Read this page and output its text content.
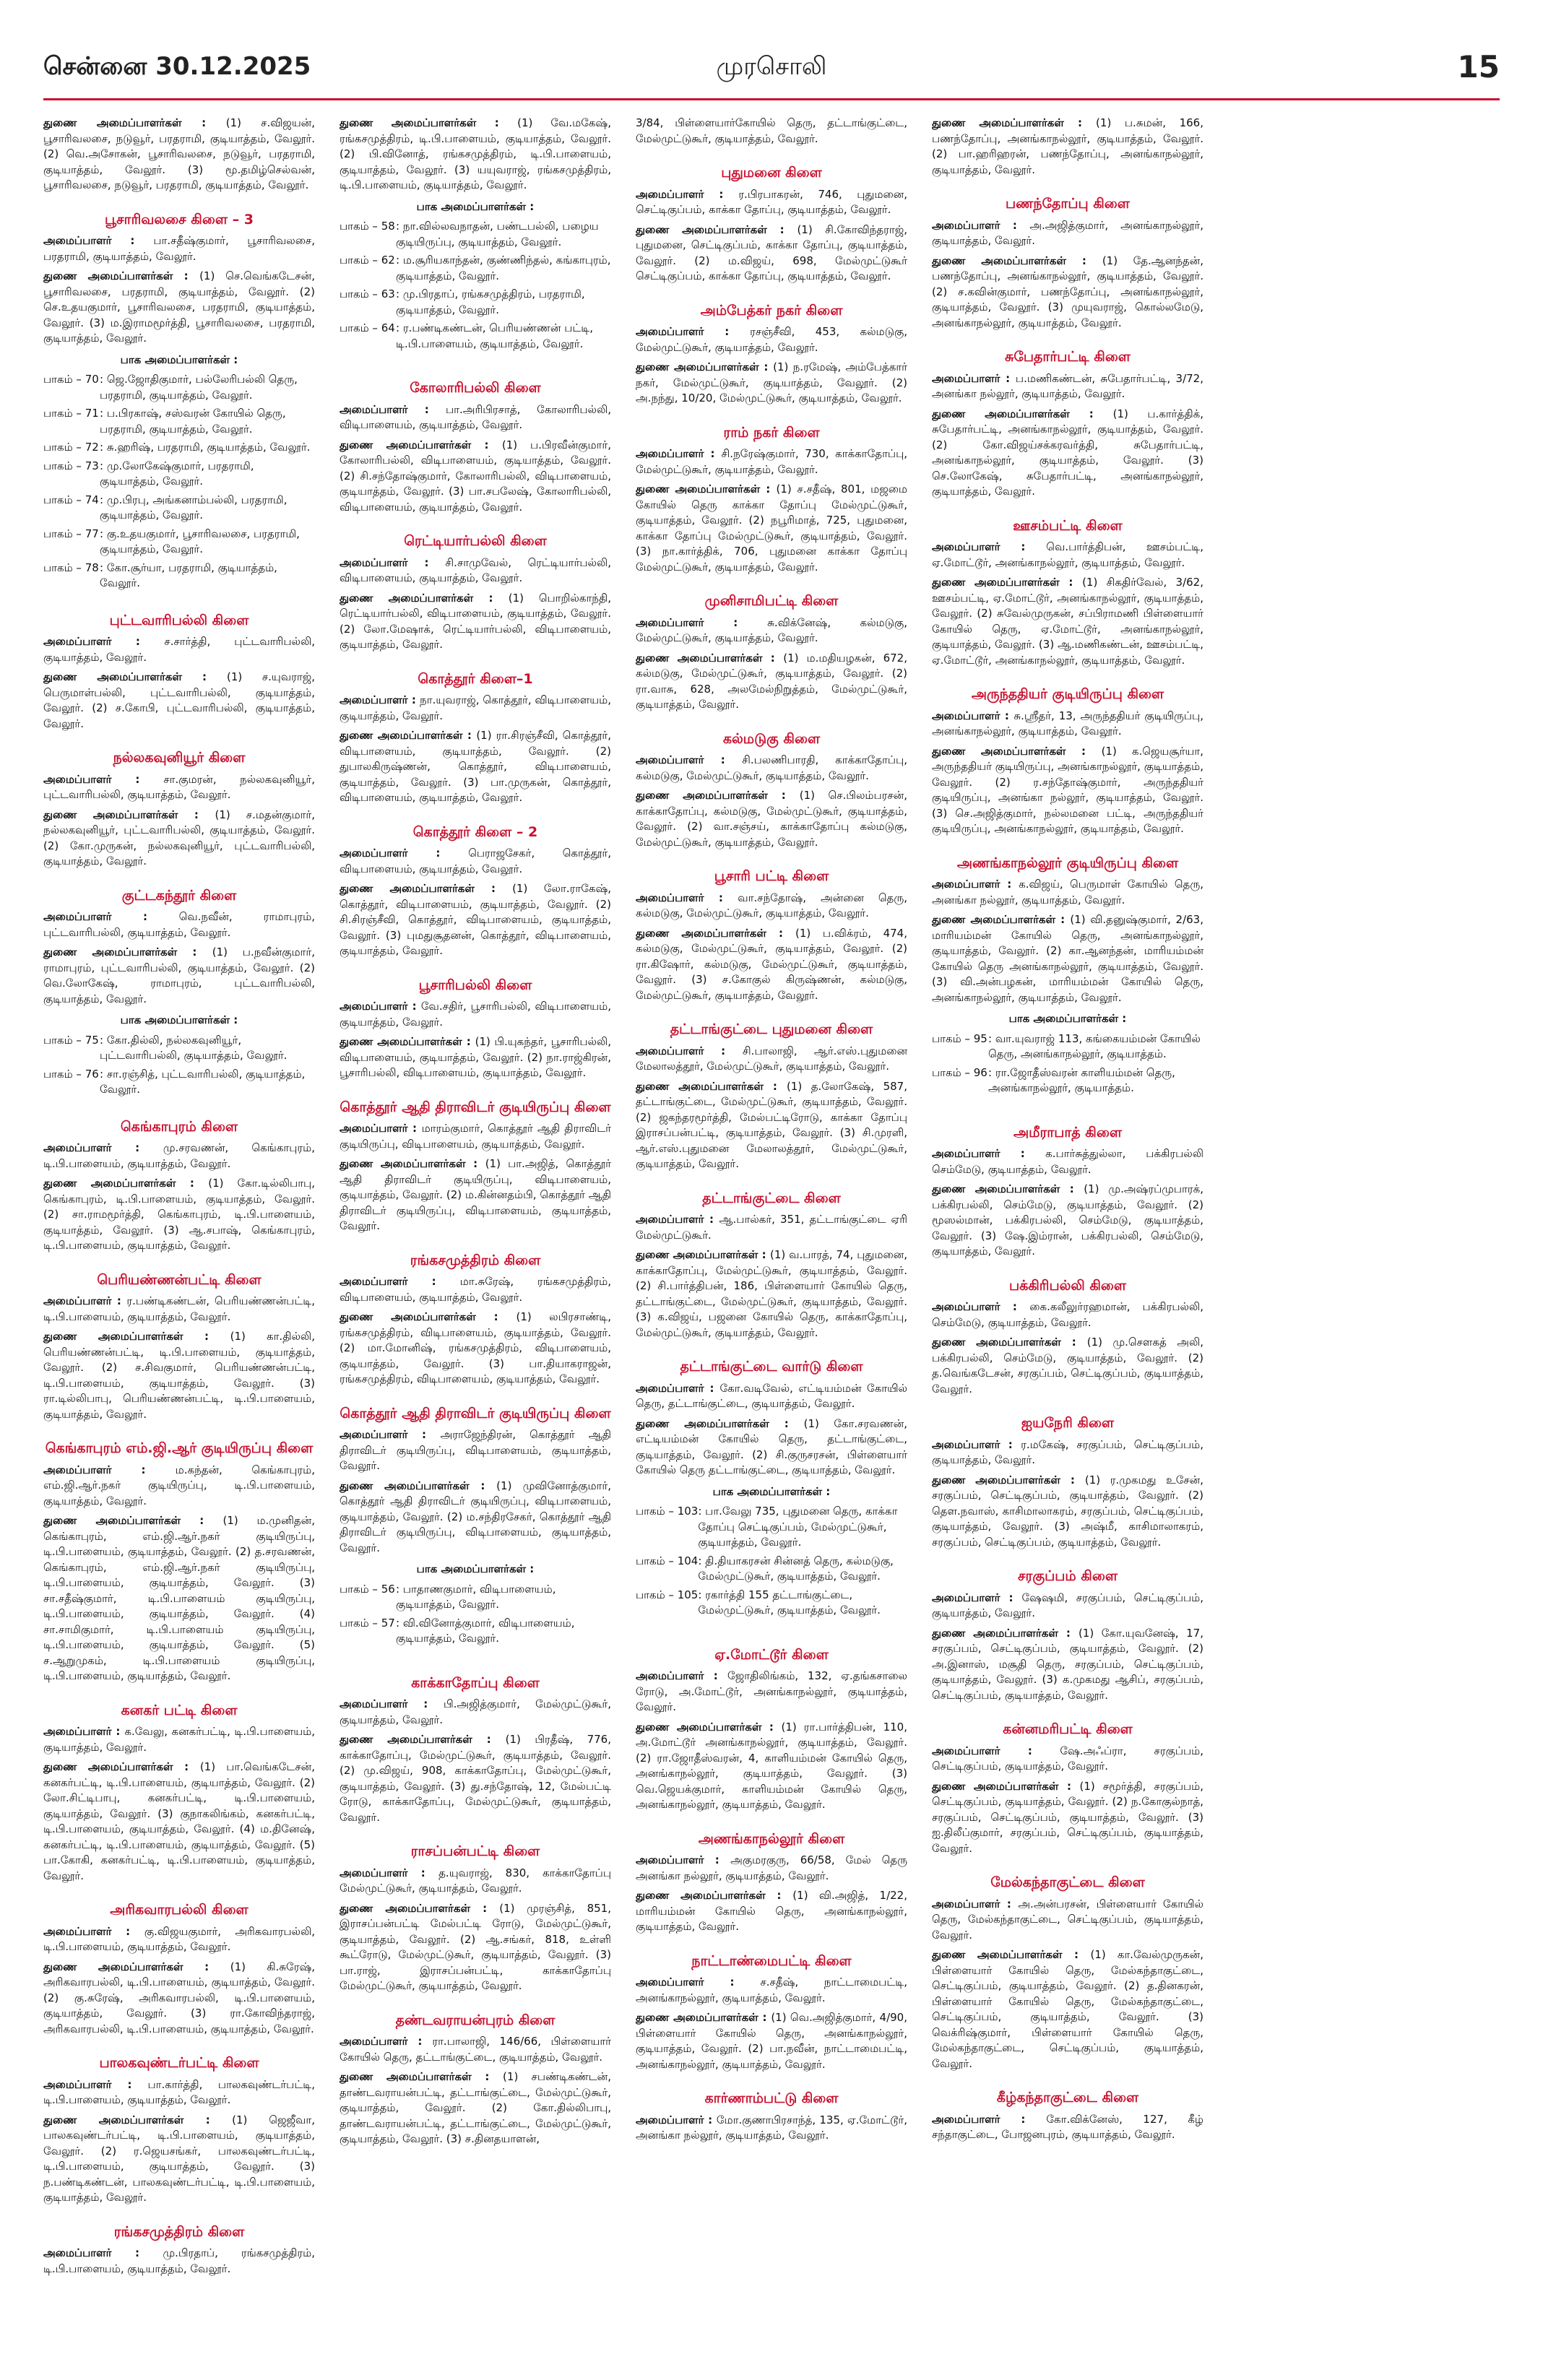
சென்னை 30.12.2025	முரசொலி	15

துணை அமைப்பாளர்கள் : (1) ச.விஜயன், பூசாரிவலசை, நடுவூர், பரதராமி, குடியாத்தம், வேலூர். (2) வெ.அசோகன், பூசாரிவலசை, நடுவூர், பரதராமி, குடியாத்தம், வேலூர். (3) மூ.தமிழ்செல்வன், பூசாரிவலசை, நடுவூர், பரதராமி, குடியாத்தம், வேலூர்.

பூசாரிவலசை கிளை – 3

அமைப்பாளர் : பா.சதீஷ்குமார், பூசாரிவலசை, பரதராமி, குடியாத்தம், வேலூர்.

துணை அமைப்பாளர்கள் : (1) செ.வெங்கடேசன், பூசாரிவலசை, பரதராமி, குடியாத்தம், வேலூர். (2) செ.உதயகுமார், பூசாரிவலசை, பரதராமி, குடியாத்தம், வேலூர். (3) ம.இராமமூர்த்தி, பூசாரிவலசை, பரதராமி, குடியாத்தம், வேலூர்.

பாக அமைப்பாளர்கள் :
பாகம் – 70	: ஜெ.ஜோதிகுமார், பல்லேரிபல்லி தெரு, பரதராமி, குடியாத்தம், வேலூர்.
பாகம் – 71	: ப.பிரகாஷ், சஸ்வரன் கோயில் தெரு, பரதராமி, குடியாத்தம், வேலூர்.
பாகம் – 72	: சு.ஹரிஷ், பரதராமி, குடியாத்தம், வேலூர்.
பாகம் – 73	: மு.லோகேஷ்குமார், பரதராமி, குடியாத்தம், வேலூர்.
பாகம் – 74	: மு.பிரபு, அங்கனாம்பல்லி, பரதராமி, குடியாத்தம், வேலூர்.
பாகம் – 77	: கு.உதயகுமார், பூசாரிவலசை, பரதராமி, குடியாத்தம், வேலூர்.
பாகம் – 78	: கோ.சூர்யா, பரதராமி, குடியாத்தம், வேலூர்.
புட்டவாரிபல்லி கிளை

அமைப்பாளர் : ச.சார்த்தி, புட்டவாரிபல்லி, குடியாத்தம், வேலூர்.

துணை அமைப்பாளர்கள் : (1) ச.யுவராஜ், பெருமாள்பல்லி, புட்டவாரிபல்லி, குடியாத்தம், வேலூர். (2) ச.கோபி, புட்டவாரிபல்லி, குடியாத்தம், வேலூர்.

நல்லகவுனியூர் கிளை

அமைப்பாளர் : சா.குமரன், நல்லகவுனியூர், புட்டவாரிபல்லி, குடியாத்தம், வேலூர்.

துணை அமைப்பாளர்கள் : (1) ச.மதன்குமார், நல்லகவுனியூர், புட்டவாரிபல்லி, குடியாத்தம், வேலூர். (2) கோ.முருகன், நல்லகவுனியூர், புட்டவாரிபல்லி, குடியாத்தம், வேலூர்.

குட்டகந்தூர் கிளை

அமைப்பாளர் : வெ.நவீன், ராமாபுரம், புட்டவாரிபல்லி, குடியாத்தம், வேலூர்.

துணை அமைப்பாளர்கள் : (1) ப.நவீன்குமார், ராமாபுரம், புட்டவாரிபல்லி, குடியாத்தம், வேலூர். (2) வெ.லோகேஷ், ராமாபுரம், புட்டவாரிபல்லி, குடியாத்தம், வேலூர்.

பாக அமைப்பாளர்கள் :
பாகம் – 75	: கோ.தில்லி, நல்லகவுனியூர், புட்டவாரிபல்லி, குடியாத்தம், வேலூர்.
பாகம் – 76	: சா.ரஞ்சித், புட்டவாரிபல்லி, குடியாத்தம், வேலூர்.
கெங்காபுரம் கிளை

அமைப்பாளர் : மு.சரவணன், கெங்காபுரம், டி.பி.பாளையம், குடியாத்தம், வேலூர்.

துணை அமைப்பாளர்கள் : (1) கோ.டில்லிபாபு, கெங்காபுரம், டி.பி.பாளையம், குடியாத்தம், வேலூர். (2) சா.ராமமூர்த்தி, கெங்காபுரம், டி.பி.பாளையம், குடியாத்தம், வேலூர். (3) ஆ.சபாஷ், கெங்காபுரம், டி.பி.பாளையம், குடியாத்தம், வேலூர்.

பெரியண்ணன்பட்டி கிளை

அமைப்பாளர் : ர.பண்டிகண்டன், பெரியண்ணன்பட்டி, டி.பி.பாளையம், குடியாத்தம், வேலூர்.

துணை அமைப்பாளர்கள் : (1) கா.தில்லி, பெரியண்ணன்பட்டி, டி.பி.பாளையம், குடியாத்தம், வேலூர். (2) ச.சிவகுமார், பெரியண்ணன்பட்டி, டி.பி.பாளையம், குடியாத்தம், வேலூர். (3) ரா.டில்லிபாபு, பெரியண்ணன்பட்டி, டி.பி.பாளையம், குடியாத்தம், வேலூர்.

கெங்காபுரம் எம்.ஜி.ஆர் குடியிருப்பு கிளை

அமைப்பாளர் : ம.கந்தன், கெங்காபுரம், எம்.ஜி.ஆர்.நகர் குடியிருப்பு, டி.பி.பாளையம், குடியாத்தம், வேலூர்.

துணை அமைப்பாளர்கள் : (1) ம.முனிதன், கெங்காபுரம், எம்.ஜி.ஆர்.நகர் குடியிருப்பு, டி.பி.பாளையம், குடியாத்தம், வேலூர். (2) த.சரவணன், கெங்காபுரம், எம்.ஜி.ஆர்.நகர் குடியிருப்பு, டி.பி.பாளையம், குடியாத்தம், வேலூர். (3) சா.சதீஷ்குமார், டி.பி.பாளையம் குடியிருப்பு, டி.பி.பாளையம், குடியாத்தம், வேலூர். (4) சா.சாமிகுமார், டி.பி.பாளையம் குடியிருப்பு, டி.பி.பாளையம், குடியாத்தம், வேலூர். (5) ச.ஆறுமுகம், டி.பி.பாளையம் குடியிருப்பு, டி.பி.பாளையம், குடியாத்தம், வேலூர்.

கனகர் பட்டி கிளை

அமைப்பாளர் : க.வேலு, கனகர்பட்டி, டி.பி.பாளையம், குடியாத்தம், வேலூர்.

துணை அமைப்பாளர்கள் : (1) பா.வெங்கடேசன், கனகர்பட்டி, டி.பி.பாளையம், குடியாத்தம், வேலூர். (2) லோ.சிட்டிபாபு, கனகர்பட்டி, டி.பி.பாளையம், குடியாத்தம், வேலூர். (3) குநாகலிங்கம், கனகர்பட்டி, டி.பி.பாளையம், குடியாத்தம், வேலூர். (4) ம.தினேஷ், கனகர்பட்டி, டி.பி.பாளையம், குடியாத்தம், வேலூர். (5) பா.கோகி, கனகர்பட்டி, டி.பி.பாளையம், குடியாத்தம், வேலூர்.

அரிகவாரபல்லி கிளை

அமைப்பாளர் : கு.விஜயகுமார், அரிகவாரபல்லி, டி.பி.பாளையம், குடியாத்தம், வேலூர்.

துணை அமைப்பாளர்கள் : (1) கி.சுரேஷ், அரிகவாரபல்லி, டி.பி.பாளையம், குடியாத்தம், வேலூர். (2) கு.சுரேஷ், அரிகவாரபல்லி, டி.பி.பாளையம், குடியாத்தம், வேலூர். (3) ரா.கோவிந்தராஜ், அரிகவாரபல்லி, டி.பி.பாளையம், குடியாத்தம், வேலூர்.

பாலகவுண்டர்பட்டி கிளை

அமைப்பாளர் : பா.கார்த்தி, பாலகவுண்டர்பட்டி, டி.பி.பாளையம், குடியாத்தம், வேலூர்.

துணை அமைப்பாளர்கள் : (1) ஜெஜீவா, பாலகவுண்டர்பட்டி, டி.பி.பாளையம், குடியாத்தம், வேலூர். (2) ர.ஜெயசங்கர், பாலகவுண்டர்பட்டி, டி.பி.பாளையம், குடியாத்தம், வேலூர். (3) ந.பண்டிகண்டன், பாலகவுண்டர்பட்டி, டி.பி.பாளையம், குடியாத்தம், வேலூர்.

ரங்கசமுத்திரம் கிளை

அமைப்பாளர் : மு.பிரதாப், ரங்கசமுத்திரம், டி.பி.பாளையம், குடியாத்தம், வேலூர்.

துணை அமைப்பாளர்கள் : (1) வே.மகேஷ், ரங்கசமுத்திரம், டி.பி.பாளையம், குடியாத்தம், வேலூர். (2) பி.வினோத், ரங்கசமுத்திரம், டி.பி.பாளையம், குடியாத்தம், வேலூர். (3) யயுவராஜ், ரங்கசமுத்திரம், டி.பி.பாளையம், குடியாத்தம், வேலூர்.

பாக அமைப்பாளர்கள் :
பாகம் – 58	: நா.வில்லவநாதன், பண்டபல்லி, பழைய குடியிருப்பு, குடியாத்தம், வேலூர்.
பாகம் – 62	: ம.சூரியகாந்தன், குண்ணிந்தல், கங்காபுரம், குடியாத்தம், வேலூர்.
பாகம் – 63	: மு.பிரதாப், ரங்கசமுத்திரம், பரதராமி, குடியாத்தம், வேலூர்.
பாகம் – 64	: ர.பண்டிகண்டன், பெரியண்ணன் பட்டி, டி.பி.பாளையம், குடியாத்தம், வேலூர்.
கோலாரிபல்லி கிளை

அமைப்பாளர் : பா.அரிபிரசாத், கோலாரிபல்லி, விடிபாளையம், குடியாத்தம், வேலூர்.

துணை அமைப்பாளர்கள் : (1) ப.பிரவீன்குமார், கோலாரிபல்லி, விடிபாளையம், குடியாத்தம், வேலூர். (2) சி.சந்தோஷ்குமார், கோலாரிபல்லி, விடிபாளையம், குடியாத்தம், வேலூர். (3) பா.சபலேஷ், கோலாரிபல்லி, விடிபாளையம், குடியாத்தம், வேலூர்.

ரெட்டியார்பல்லி கிளை

அமைப்பாளர் : சி.சாமுவேல், ரெட்டியார்பல்லி, விடிபாளையம், குடியாத்தம், வேலூர்.

துணை அமைப்பாளர்கள் : (1) பொறில்காந்தி, ரெட்டியார்பல்லி, விடிபாளையம், குடியாத்தம், வேலூர். (2) லோ.மேஷாக், ரெட்டியார்பல்லி, விடிபாளையம், குடியாத்தம், வேலூர்.

கொத்தூர் கிளை–1

அமைப்பாளர் : நா.யுவராஜ், கொத்தூர், விடிபாளையம், குடியாத்தம், வேலூர்.

துணை அமைப்பாளர்கள் : (1) ரா.சிரஞ்சீவி, கொத்தூர், விடிபாளையம், குடியாத்தம், வேலூர். (2) துபாலகிருஷ்ணன், கொத்தூர், விடிபாளையம், குடியாத்தம், வேலூர். (3) பா.முருகன், கொத்தூர், விடிபாளையம், குடியாத்தம், வேலூர்.

கொத்தூர் கிளை – 2

அமைப்பாளர் : பெராஜசேகர், கொத்தூர், விடிபாளையம், குடியாத்தம், வேலூர்.

துணை அமைப்பாளர்கள் : (1) லோ.ராகேஷ், கொத்தூர், விடிபாளையம், குடியாத்தம், வேலூர். (2) சி.சிரஞ்சீவி, கொத்தூர், விடிபாளையம், குடியாத்தம், வேலூர். (3) புமதுசூதனன், கொத்தூர், விடிபாளையம், குடியாத்தம், வேலூர்.

பூசாரிபல்லி கிளை

அமைப்பாளர் : வே.சதிர், பூசாரிபல்லி, விடிபாளையம், குடியாத்தம், வேலூர்.

துணை அமைப்பாளர்கள் : (1) பி.யுகந்தர், பூசாரிபல்லி, விடிபாளையம், குடியாத்தம், வேலூர். (2) நா.ராஜ்கிரன், பூசாரிபல்லி, விடிபாளையம், குடியாத்தம், வேலூர்.

கொத்தூர் ஆதி திராவிடர் குடியிருப்பு கிளை

அமைப்பாளர் : மாரம்குமார், கொத்தூர் ஆதி திராவிடர் குடியிருப்பு, விடிபாளையம், குடியாத்தம், வேலூர்.

துணை அமைப்பாளர்கள் : (1) பா.அஜித், கொத்தூர் ஆதி திராவிடர் குடியிருப்பு, விடிபாளையம், குடியாத்தம், வேலூர். (2) ம.கின்னதம்பி, கொத்தூர் ஆதி திராவிடர் குடியிருப்பு, விடிபாளையம், குடியாத்தம், வேலூர்.

ரங்கசமுத்திரம் கிளை

அமைப்பாளர் : மா.சுரேஷ், ரங்கசமுத்திரம், விடிபாளையம், குடியாத்தம், வேலூர்.

துணை அமைப்பாளர்கள் : (1) லபிரசாண்டி, ரங்கசமுத்திரம், விடிபாளையம், குடியாத்தம், வேலூர். (2) மா.மோனிஷ், ரங்கசமுத்திரம், விடிபாளையம், குடியாத்தம், வேலூர். (3) பா.தியாகராஜன், ரங்கசமுத்திரம், விடிபாளையம், குடியாத்தம், வேலூர்.

கொத்தூர் ஆதி திராவிடர் குடியிருப்பு கிளை

அமைப்பாளர் : அராஜேந்திரன், கொத்தூர் ஆதி திராவிடர் குடியிருப்பு, விடிபாளையம், குடியாத்தம், வேலூர்.

துணை அமைப்பாளர்கள் : (1) முவினோத்குமார், கொத்தூர் ஆதி திராவிடர் குடியிருப்பு, விடிபாளையம், குடியாத்தம், வேலூர். (2) ம.சந்திரசேகர், கொத்தூர் ஆதி திராவிடர் குடியிருப்பு, விடிபாளையம், குடியாத்தம், வேலூர்.

பாக அமைப்பாளர்கள் :
பாகம் – 56	: பாதாணகுமார், விடிபாளையம், குடியாத்தம், வேலூர்.
பாகம் – 57	: வி.வினோத்குமார், விடிபாளையம், குடியாத்தம், வேலூர்.
காக்காதோப்பு கிளை

அமைப்பாளர் : பி.அஜித்குமார், மேல்முட்டுகூர், குடியாத்தம், வேலூர்.

துணை அமைப்பாளர்கள் : (1) பிரதீஷ், 776, காக்காதோப்பு, மேல்முட்டுகூர், குடியாத்தம், வேலூர். (2) மு.விஜய், 908, காக்காதோப்பு, மேல்முட்டுகூர், குடியாத்தம், வேலூர். (3) து.சந்தோஷ், 12, மேல்பட்டி ரோடு, காக்காதோப்பு, மேல்முட்டுகூர், குடியாத்தம், வேலூர்.

ராசப்பன்பட்டி கிளை

அமைப்பாளர் : த.யுவராஜ், 830, காக்காதோப்பு மேல்முட்டுகூர், குடியாத்தம், வேலூர்.

துணை அமைப்பாளர்கள் : (1) முரஞ்சித், 851, இராசப்பன்பட்டி மேல்பட்டி ரோடு, மேல்முட்டுகூர், குடியாத்தம், வேலூர். (2) ஆ.சங்கர், 818, உள்ளி கூட்ரோடு, மேல்முட்டுகூர், குடியாத்தம், வேலூர். (3) பா.ராஜ், இராசப்பன்பட்டி, காக்காதோப்பு மேல்முட்டுகூர், குடியாத்தம், வேலூர்.

தண்டவராயன்புரம் கிளை

அமைப்பாளர் : ரா.பாலாஜி, 146/66, பிள்ளையார் கோயில் தெரு, தட்டாங்குட்டை, குடியாத்தம், வேலூர்.

துணை அமைப்பாளர்கள் : (1) சபண்டிகண்டன், தாண்டவராயன்பட்டி, தட்டாங்குட்டை, மேல்முட்டுகூர், குடியாத்தம், வேலூர். (2) கோ.தில்லிபாபு, தாண்டவராயன்பட்டி, தட்டாங்குட்டை, மேல்முட்டுகூர், குடியாத்தம், வேலூர். (3) ச.தினதயாளன்,

3/84, பிள்ளையார்கோயில் தெரு, தட்டாங்குட்டை, மேல்முட்டுகூர், குடியாத்தம், வேலூர்.

புதுமனை கிளை

அமைப்பாளர் : ர.பிரபாகரன், 746, புதுமனை, செட்டிகுப்பம், காக்கா தோப்பு, குடியாத்தம், வேலூர்.

துணை அமைப்பாளர்கள் : (1) சி.கோவிந்தராஜ், புதுமனை, செட்டிகுப்பம், காக்கா தோப்பு, குடியாத்தம், வேலூர். (2) ம.விஜய், 698, மேல்முட்டுகூர் செட்டிகுப்பம், காக்கா தோப்பு, குடியாத்தம், வேலூர்.

அம்பேத்கர் நகர் கிளை

அமைப்பாளர் : ரசஞ்சீவி, 453, கல்மடுகு, மேல்முட்டுகூர், குடியாத்தம், வேலூர்.

துணை அமைப்பாளர்கள் : (1) ந.ரமேஷ், அம்பேத்கார் நகர், மேல்முட்டுகூர், குடியாத்தம், வேலூர். (2) அ.நந்து, 10/20, மேல்முட்டுகூர், குடியாத்தம், வேலூர்.

ராம் நகர் கிளை

அமைப்பாளர் : சி.நரேஷ்குமார், 730, காக்காதோப்பு, மேல்முட்டுகூர், குடியாத்தம், வேலூர்.

துணை அமைப்பாளர்கள் : (1) ச.சதீஷ், 801, மஜமை கோயில் தெரு காக்கா தோப்பு மேல்முட்டுகூர், குடியாத்தம், வேலூர். (2) நபூரிமாத், 725, புதுமனை, காக்கா தோப்பு மேல்முட்டுகூர், குடியாத்தம், வேலூர். (3) நா.கார்த்திக், 706, புதுமனை காக்கா தோப்பு மேல்முட்டுகூர், குடியாத்தம், வேலூர்.

முனிசாமிபட்டி கிளை

அமைப்பாளர் : சு.விக்னேஷ், கல்மடுகு, மேல்முட்டுகூர், குடியாத்தம், வேலூர்.

துணை அமைப்பாளர்கள் : (1) ம.மதியழகன், 672, கல்மடுகு, மேல்முட்டுகூர், குடியாத்தம், வேலூர். (2) ரா.வாசு, 628, அலமேல்நிறுத்தம், மேல்முட்டுகூர், குடியாத்தம், வேலூர்.

கல்மடுகு கிளை

அமைப்பாளர் : சி.பலணிபாரதி, காக்காதோப்பு, கல்மடுகு, மேல்முட்டுகூர், குடியாத்தம், வேலூர்.

துணை அமைப்பாளர்கள் : (1) செ.பிலம்பரசன், காக்காதோப்பு, கல்மடுகு, மேல்முட்டுகூர், குடியாத்தம், வேலூர். (2) வா.சஞ்சய், காக்காதோப்பு கல்மடுகு, மேல்முட்டுகூர், குடியாத்தம், வேலூர்.

பூசாரி பட்டி கிளை

அமைப்பாளர் : வா.சந்தோஷ், அன்னை தெரு, கல்மடுகு, மேல்முட்டுகூர், குடியாத்தம், வேலூர்.

துணை அமைப்பாளர்கள் : (1) ப.விக்ரம், 474, கல்மடுகு, மேல்முட்டுகூர், குடியாத்தம், வேலூர். (2) ரா.கிஷோர், கல்மடுகு, மேல்முட்டுகூர், குடியாத்தம், வேலூர். (3) ச.கோகுல் கிருஷ்ணன், கல்மடுகு, மேல்முட்டுகூர், குடியாத்தம், வேலூர்.

தட்டாங்குட்டை புதுமனை கிளை

அமைப்பாளர் : சி.பாலாஜி, ஆர்.எஸ்.புதுமனை மேலாலத்தூர், மேல்முட்டுகூர், குடியாத்தம், வேலூர்.

துணை அமைப்பாளர்கள் : (1) த.லோகேஷ், 587, தட்டாங்குட்டை, மேல்முட்டுகூர், குடியாத்தம், வேலூர். (2) ஜகந்தரமூர்த்தி, மேல்பட்டிரோடு, காக்கா தோப்பு இராசப்பன்பட்டி, குடியாத்தம், வேலூர். (3) சி.முரளி, ஆர்.எஸ்.புதுமனை மேலாலத்தூர், மேல்முட்டுகூர், குடியாத்தம், வேலூர்.

தட்டாங்குட்டை கிளை

அமைப்பாளர் : ஆ.பால்கர், 351, தட்டாங்குட்டை ஏரி மேல்முட்டுகூர்.

துணை அமைப்பாளர்கள் : (1) வ.பாரத், 74, புதுமனை, காக்காதோப்பு, மேல்முட்டுகூர், குடியாத்தம், வேலூர். (2) சி.பார்த்திபன், 186, பிள்ளையார் கோயில் தெரு, தட்டாங்குட்டை, மேல்முட்டுகூர், குடியாத்தம், வேலூர். (3) க.விஜய், பஜனை கோயில் தெரு, காக்காதோப்பு, மேல்முட்டுகூர், குடியாத்தம், வேலூர்.

தட்டாங்குட்டை வார்டு கிளை

அமைப்பாளர் : கோ.வடிவேல், எட்டியம்மன் கோயில் தெரு, தட்டாங்குட்டை, குடியாத்தம், வேலூர்.

துணை அமைப்பாளர்கள் : (1) கோ.சரவணன், எட்டியம்மன் கோயில் தெரு, தட்டாங்குட்டை, குடியாத்தம், வேலூர். (2) சி.குருசரசன், பிள்ளையார் கோயில் தெரு தட்டாங்குட்டை, குடியாத்தம், வேலூர்.

பாக அமைப்பாளர்கள் :
பாகம் – 103	: பா.வேலு 735, புதுமனை தெரு, காக்கா தோப்பு செட்டிகுப்பம், மேல்முட்டுகூர், குடியாத்தம், வேலூர்.
பாகம் – 104	: தி.தியாகரசன் சின்னத் தெரு, கல்மடுகு, மேல்முட்டுகூர், குடியாத்தம், வேலூர்.
பாகம் – 105	: ரகார்த்தி 155 தட்டாங்குட்டை, மேல்முட்டுகூர், குடியாத்தம், வேலூர்.
ஏ.மோட்டூர் கிளை

அமைப்பாளர் : ஜோதிலிங்கம், 132, ஏ.தங்கசாலை ரோடு, அ.மோட்டூர், அனங்காநல்லூர், குடியாத்தம், வேலூர்.

துணை அமைப்பாளர்கள் : (1) ரா.பார்த்திபன், 110, அ.மோட்டூர் அனங்காநல்லூர், குடியாத்தம், வேலூர். (2) ரா.ஜோதீஸ்வரன், 4, காளியம்மன் கோயில் தெரு, அனங்காநல்லூர், குடியாத்தம், வேலூர். (3) வெ.ஜெயக்குமார், காளியம்மன் கோயில் தெரு, அனங்காநல்லூர், குடியாத்தம், வேலூர்.

அணங்காநல்லூர் கிளை

அமைப்பாளர் : அகுமரகுரு, 66/58, மேல் தெரு அனங்கா நல்லூர், குடியாத்தம், வேலூர்.

துணை அமைப்பாளர்கள் : (1) வி.அஜித், 1/22, மாரியம்மன் கோயில் தெரு, அனங்காநல்லூர், குடியாத்தம், வேலூர்.

நாட்டாண்மைபட்டி கிளை

அமைப்பாளர் : ச.சதீஷ், நாட்டாமைபட்டி, அனங்காநல்லூர், குடியாத்தம், வேலூர்.

துணை அமைப்பாளர்கள் : (1) வெ.அஜித்குமார், 4/90, பிள்ளையார் கோயில் தெரு, அனங்காநல்லூர், குடியாத்தம், வேலூர். (2) பா.நவீன், நாட்டாமைபட்டி, அனங்காநல்லூர், குடியாத்தம், வேலூர்.

கார்ணாம்பட்டு கிளை

அமைப்பாளர் : மோ.குணாபிரசாந்த், 135, ஏ.மோட்டூர், அனங்கா நல்லூர், குடியாத்தம், வேலூர்.

துணை அமைப்பாளர்கள் : (1) ப.சுமன், 166, பணந்தோப்பு, அனங்காநல்லூர், குடியாத்தம், வேலூர். (2) பா.ஹரிஹரன், பணந்தோப்பு, அனங்காநல்லூர், குடியாத்தம், வேலூர்.

பணந்தோப்பு கிளை

அமைப்பாளர் : அ.அஜித்குமார், அனங்காநல்லூர், குடியாத்தம், வேலூர்.

துணை அமைப்பாளர்கள் : (1) தே.ஆனந்தன், பணந்தோப்பு, அனங்காநல்லூர், குடியாத்தம், வேலூர். (2) ச.கவின்குமார், பணந்தோப்பு, அனங்காநல்லூர், குடியாத்தம், வேலூர். (3) முயுவராஜ், கொல்லமேடு, அனங்காநல்லூர், குடியாத்தம், வேலூர்.

சுபேதார்பட்டி கிளை

அமைப்பாளர் : ப.மணிகண்டன், சுபேதார்பட்டி, 3/72, அனங்கா நல்லூர், குடியாத்தம், வேலூர்.

துணை அமைப்பாளர்கள் : (1) ப.கார்த்திக், சுபேதார்பட்டி, அனங்காநல்லூர், குடியாத்தம், வேலூர். (2) கோ.விஜய்சக்கரவர்த்தி, சுபேதார்பட்டி, அனங்காநல்லூர், குடியாத்தம், வேலூர். (3) செ.லோகேஷ், சுபேதார்பட்டி, அனங்காநல்லூர், குடியாத்தம், வேலூர்.

ஊசம்பட்டி கிளை

அமைப்பாளர் : வெ.பார்த்திபன், ஊசம்பட்டி, ஏ.மோட்டூர், அனங்காநல்லூர், குடியாத்தம், வேலூர்.

துணை அமைப்பாளர்கள் : (1) சிகதிர்வேல், 3/62, ஊசம்பட்டி, ஏ.மோட்டூர், அனங்காநல்லூர், குடியாத்தம், வேலூர். (2) சுவேல்முருகன், சப்பிராமணி பிள்ளையார் கோயில் தெரு, ஏ.மோட்டூர், அனங்காநல்லூர், குடியாத்தம், வேலூர். (3) ஆ.மணிகண்டன், ஊசம்பட்டி, ஏ.மோட்டூர், அனங்காநல்லூர், குடியாத்தம், வேலூர்.

அருந்ததியர் குடியிருப்பு கிளை

அமைப்பாளர் : சு.ஸ்ரீதர், 13, அருந்ததியர் குடியிருப்பு, அனங்காநல்லூர், குடியாத்தம், வேலூர்.

துணை அமைப்பாளர்கள் : (1) க.ஜெயசூர்யா, அருந்ததியர் குடியிருப்பு, அனங்காநல்லூர், குடியாத்தம், வேலூர். (2) ர.சந்தோஷ்குமார், அருந்ததியர் குடியிருப்பு, அனங்கா நல்லூர், குடியாத்தம், வேலூர். (3) செ.அஜித்குமார், நல்லமனை பட்டி, அருந்ததியர் குடியிருப்பு, அனங்காநல்லூர், குடியாத்தம், வேலூர்.

அணங்காநல்லூர் குடியிருப்பு கிளை

அமைப்பாளர் : க.விஜய், பெருமாள் கோயில் தெரு, அனங்கா நல்லூர், குடியாத்தம், வேலூர்.

துணை அமைப்பாளர்கள் : (1) வி.தனுஷ்குமார், 2/63, மாரியம்மன் கோயில் தெரு, அனங்காநல்லூர், குடியாத்தம், வேலூர். (2) கா.ஆனந்தன், மாரியம்மன் கோயில் தெரு அனங்காநல்லூர், குடியாத்தம், வேலூர். (3) வி.அன்பழகன், மாரியம்மன் கோயில் தெரு, அனங்காநல்லூர், குடியாத்தம், வேலூர்.

பாக அமைப்பாளர்கள் :
பாகம் – 95	: வா.யுவராஜ் 113, கங்கையம்மன் கோயில் தெரு, அனங்காநல்லூர், குடியாத்தம்.
பாகம் – 96	: ரா.ஜோதீஸ்வரன் காளியம்மன் தெரு, அனங்காநல்லூர், குடியாத்தம்.
அமீராபாத் கிளை

அமைப்பாளர் : க.பார்சுத்துல்லா, பக்கிரபல்லி செம்மேடு, குடியாத்தம், வேலூர்.

துணை அமைப்பாளர்கள் : (1) மு.அஷ்ரப்முபாரக், பக்கிரபல்லி, செம்மேடு, குடியாத்தம், வேலூர். (2) மூஸல்மான், பக்கிரபல்லி, செம்மேடு, குடியாத்தம், வேலூர். (3) ஷே.இம்ரான், பக்கிரபல்லி, செம்மேடு, குடியாத்தம், வேலூர்.

பக்கிரிபல்லி கிளை

அமைப்பாளர் : கை.கலீலுர்ரஹமான், பக்கிரபல்லி, செம்மேடு, குடியாத்தம், வேலூர்.

துணை அமைப்பாளர்கள் : (1) மு.செளகத் அலி, பக்கிரபல்லி, செம்மேடு, குடியாத்தம், வேலூர். (2) த.வெங்கடேசன், சரகுப்பம், செட்டிகுப்பம், குடியாத்தம், வேலூர்.

ஐயநேரி கிளை

அமைப்பாளர் : ர.மகேஷ், சரகுப்பம், செட்டிகுப்பம், குடியாத்தம், வேலூர்.

துணை அமைப்பாளர்கள் : (1) ர.முகமது உசேன், சரகுப்பம், செட்டிகுப்பம், குடியாத்தம், வேலூர். (2) தௌ.நவாஸ், காசிமாலாகரம், சரகுப்பம், செட்டிகுப்பம், குடியாத்தம், வேலூர். (3) அஷ்மீ, காசிமாலாகரம், சரகுப்பம், செட்டிகுப்பம், குடியாத்தம், வேலூர்.

சரகுப்பம் கிளை

அமைப்பாளர் : ஷேஷமி, சரகுப்பம், செட்டிகுப்பம், குடியாத்தம், வேலூர்.

துணை அமைப்பாளர்கள் : (1) கோ.யுவனேஷ், 17, சரகுப்பம், செட்டிகுப்பம், குடியாத்தம், வேலூர். (2) அ.இனாஸ், மசூதி தெரு, சரகுப்பம், செட்டிகுப்பம், குடியாத்தம், வேலூர். (3) க.முகமது ஆசிப், சரகுப்பம், செட்டிகுப்பம், குடியாத்தம், வேலூர்.

கன்னமரிபட்டி கிளை

அமைப்பாளர் : ஷே.அஃப்ரா, சரகுப்பம், செட்டிகுப்பம், குடியாத்தம், வேலூர்.

துணை அமைப்பாளர்கள் : (1) சமூர்த்தி, சரகுப்பம், செட்டிகுப்பம், குடியாத்தம், வேலூர். (2) ந.கோகுல்நாத், சரகுப்பம், செட்டிகுப்பம், குடியாத்தம், வேலூர். (3) ஐ.திலீப்குமார், சரகுப்பம், செட்டிகுப்பம், குடியாத்தம், வேலூர்.

மேல்கந்தாகுட்டை கிளை

அமைப்பாளர் : அ.அன்பரசன், பிள்ளையார் கோயில் தெரு, மேல்கந்தாகுட்டை, செட்டிகுப்பம், குடியாத்தம், வேலூர்.

துணை அமைப்பாளர்கள் : (1) கா.வேல்முருகன், பிள்ளையார் கோயில் தெரு, மேல்கந்தாகுட்டை, செட்டிகுப்பம், குடியாத்தம், வேலூர். (2) த.தினகரன், பிள்ளையார் கோயில் தெரு, மேல்கந்தாகுட்டை, செட்டிகுப்பம், குடியாத்தம், வேலூர். (3) வெக்ரிஷ்குமார், பிள்ளையார் கோயில் தெரு, மேல்கந்தாகுட்டை, செட்டிகுப்பம், குடியாத்தம், வேலூர்.

கீழ்கந்தாகுட்டை கிளை

அமைப்பாளர் : கோ.விக்னேஸ், 127, கீழ் சந்தாகுட்டை, போஜனபுரம், குடியாத்தம், வேலூர்.
